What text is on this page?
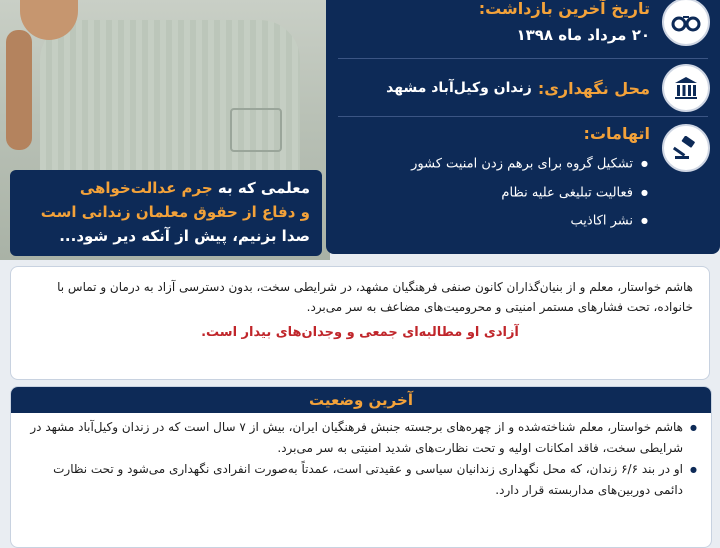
معلمی که به جرم عدالت‌خواهی
و دفاع از حقوق معلمان زندانی است
صدا بزنیم، پیش از آنکه دیر شود...
تاریخ آخرین بازداشت:
۲۰ مرداد ماه ۱۳۹۸
محل نگهداری:
زندان وکیل‌آباد مشهد
اتهامات:
● تشکیل گروه برای برهم زدن امنیت کشور
● فعالیت تبلیغی علیه نظام
● نشر اکاذیب

هاشم خواستار، معلم و از بنیان‌گذاران کانون صنفی فرهنگیان مشهد، در شرایطی سخت، بدون دسترسی آزاد به درمان و تماس با خانواده، تحت فشارهای مستمر امنیتی و محرومیت‌های مضاعف به سر می‌برد.

آزادی او مطالبه‌ای جمعی و وجدان‌های بیدار است.

آخرین وضعیت
● هاشم خواستار، معلم شناخته‌شده و از چهره‌های برجسته جنبش فرهنگیان ایران، بیش از ۷ سال است که در زندان وکیل‌آباد مشهد در شرایطی سخت، فاقد امکانات اولیه و تحت نظارت‌های شدید امنیتی به سر می‌برد.
● او در بند ۶/۶ زندان، که محل نگهداری زندانیان سیاسی و عقیدتی است، عمدتاً به‌صورت انفرادی نگهداری می‌شود و تحت نظارت دائمی دوربین‌های مداربسته قرار دارد.
